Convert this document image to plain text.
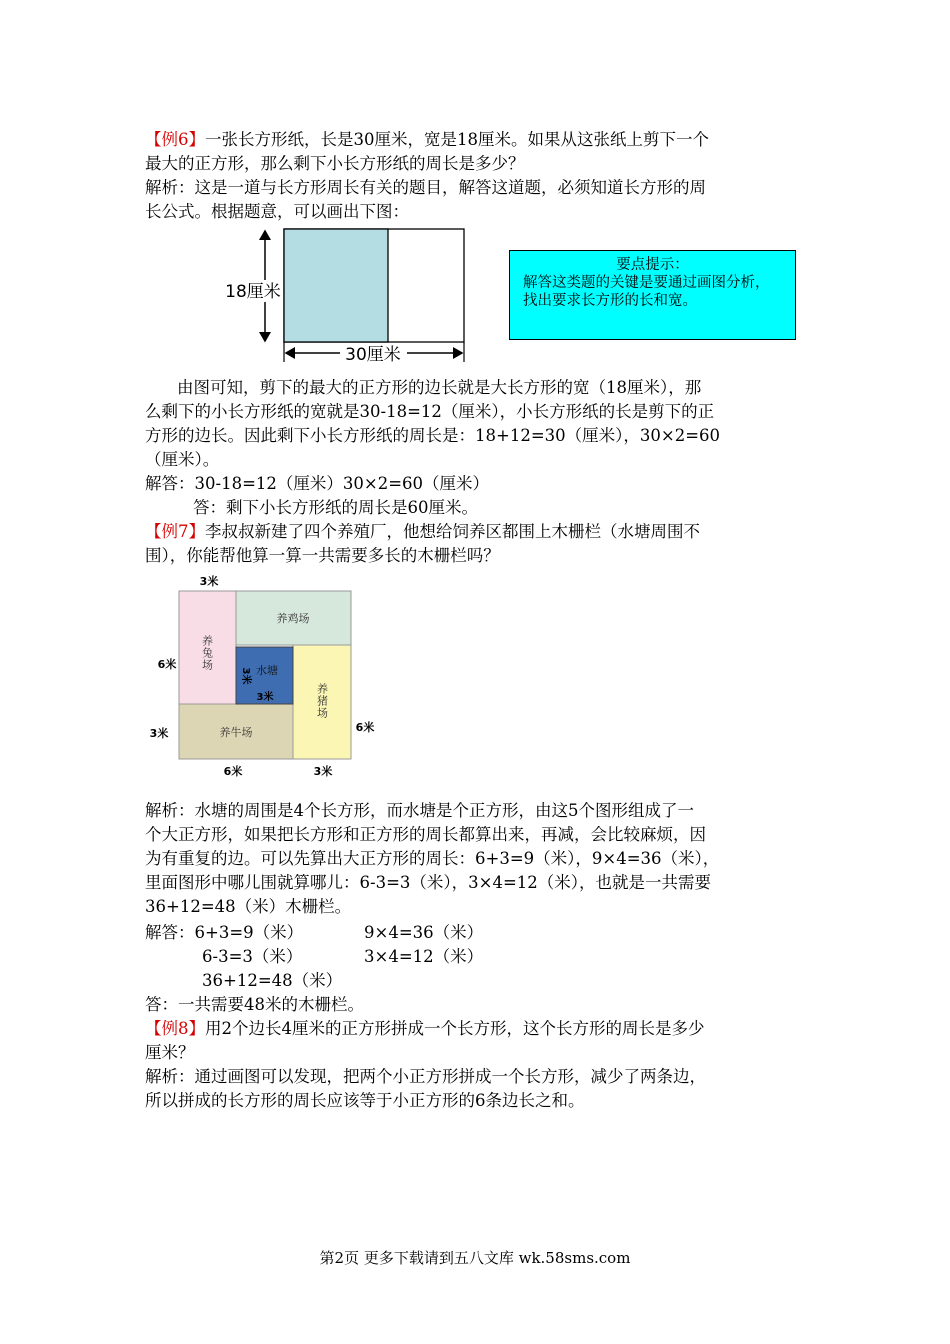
【例6】一张长方形纸，长是30厘米，宽是18厘米。如果从这张纸上剪下一个
最大的正方形，那么剩下小长方形纸的周长是多少？
解析：这是一道与长方形周长有关的题目，解答这道题，必须知道长方形的周
长公式。根据题意，可以画出下图：
18厘米
30厘米
要点提示：
解答这类题的关键是要通过画图分析，找出要求长方形的长和宽。
由图可知，剪下的最大的正方形的边长就是大长方形的宽（18厘米），那
么剩下的小长方形纸的宽就是30-18=12（厘米），小长方形纸的长是剪下的正
方形的边长。因此剩下小长方形纸的周长是：18+12=30（厘米），30×2=60
（厘米）。
解答：30-18=12（厘米）30×2=60（厘米）
答：剩下小长方形纸的周长是60厘米。
【例7】李叔叔新建了四个养殖厂，他想给饲养区都围上木栅栏（水塘周围不
围），你能帮他算一算一共需要多长的木栅栏吗？
3米
6米
3米	6米
6米	3米
3米
3米
养鸡场
水塘
养牛场
养兔场
养猪场
解析：水塘的周围是4个长方形，而水塘是个正方形，由这5个图形组成了一
个大正方形，如果把长方形和正方形的周长都算出来，再减，会比较麻烦，因
为有重复的边。可以先算出大正方形的周长：6+3=9（米），9×4=36（米），
里面图形中哪儿围就算哪儿：6-3=3（米），3×4=12（米），也就是一共需要
36+12=48（米）木栅栏。
解答：6+3=9（米）	9×4=36（米）
6-3=3（米）	3×4=12（米）
36+12=48（米）
答：一共需要48米的木栅栏。
【例8】用2个边长4厘米的正方形拼成一个长方形，这个长方形的周长是多少
厘米？
解析：通过画图可以发现，把两个小正方形拼成一个长方形，减少了两条边，
所以拼成的长方形的周长应该等于小正方形的6条边长之和。
第2页 更多下载请到五八文库 wk.58sms.com
